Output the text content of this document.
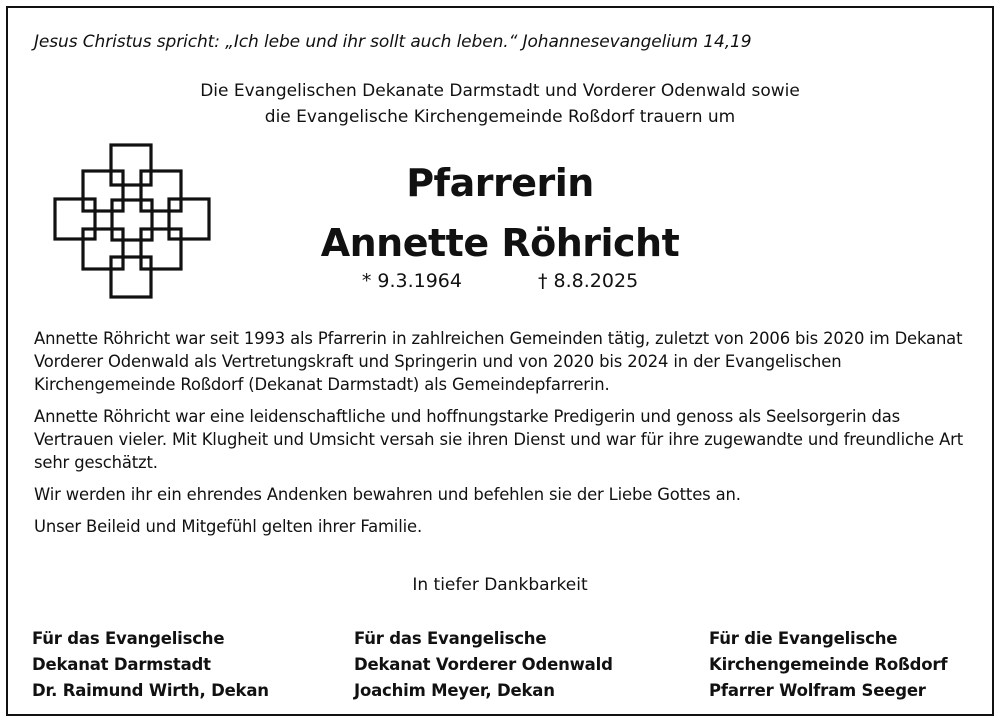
Jesus Christus spricht: „Ich lebe und ihr sollt auch leben.“ Johannesevangelium 14,19
Die Evangelischen Dekanate Darmstadt und Vorderer Odenwald sowie
die Evangelische Kirchengemeinde Roßdorf trauern um
Pfarrerin
Annette Röhricht
* 9.3.1964	† 8.8.2025

Annette Röhricht war seit 1993 als Pfarrerin in zahlreichen Gemeinden tätig, zuletzt von 2006 bis 2020 im Dekanat Vorderer Odenwald als Vertretungskraft und Springerin und von 2020 bis 2024 in der Evangelischen Kirchengemeinde Roßdorf (Dekanat Darmstadt) als Gemeindepfarrerin.

Annette Röhricht war eine leidenschaftliche und hoffnungstarke Predigerin und genoss als Seelsorgerin das Vertrauen vieler. Mit Klugheit und Umsicht versah sie ihren Dienst und war für ihre zugewandte und freundliche Art sehr geschätzt.

Wir werden ihr ein ehrendes Andenken bewahren und befehlen sie der Liebe Gottes an.

Unser Beileid und Mitgefühl gelten ihrer Familie.

In tiefer Dankbarkeit
Für das Evangelische
Dekanat Darmstadt
Dr. Raimund Wirth, Dekan
Für das Evangelische
Dekanat Vorderer Odenwald
Joachim Meyer, Dekan
Für die Evangelische
Kirchengemeinde Roßdorf
Pfarrer Wolfram Seeger
